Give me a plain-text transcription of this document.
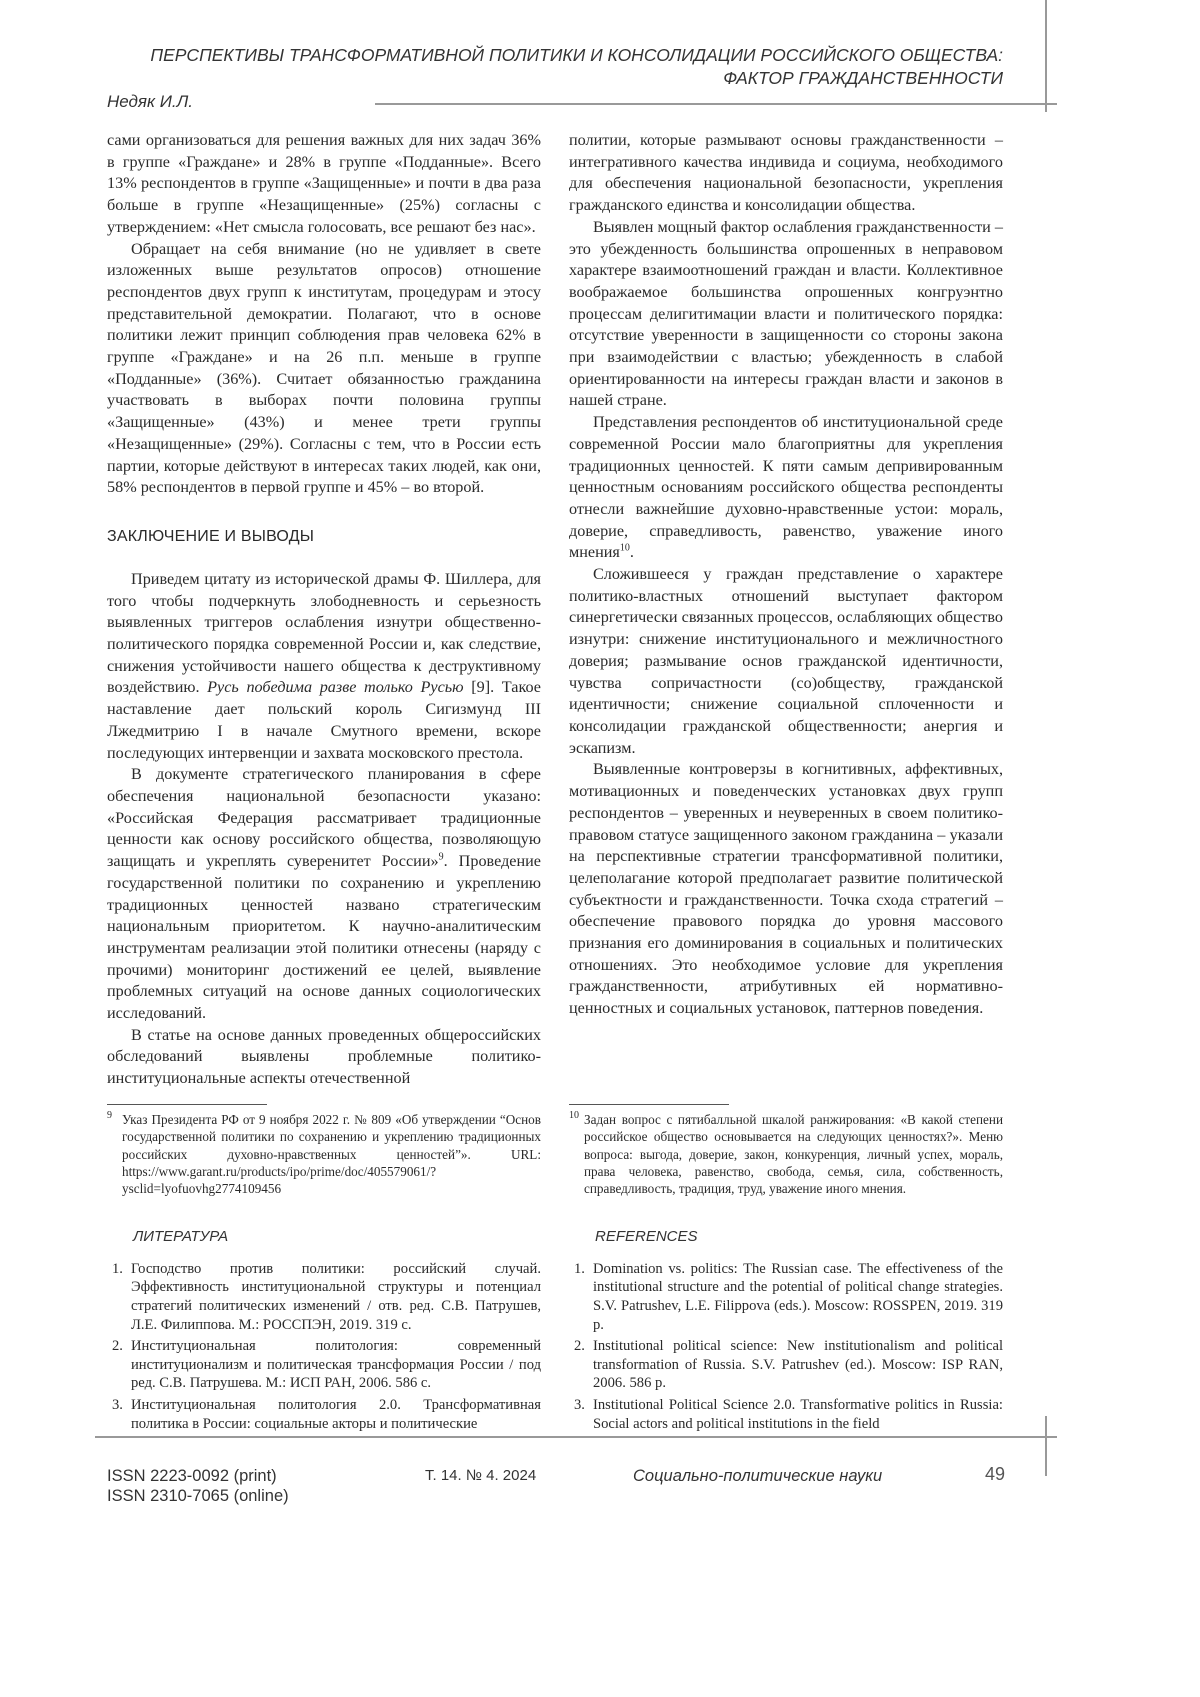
ПЕРСПЕКТИВЫ ТРАНСФОРМАТИВНОЙ ПОЛИТИКИ И КОНСОЛИДАЦИИ РОССИЙСКОГО ОБЩЕСТВА:
ФАКТОР ГРАЖДАНСТВЕННОСТИ
Недяк И.Л.

сами организоваться для решения важных для них задач 36% в группе «Граждане» и 28% в группе «Подданные». Всего 13% респондентов в группе «Защищенные» и почти в два раза больше в группе «Незащищенные» (25%) согласны с утверждением: «Нет смысла голосовать, все решают без нас».

Обращает на себя внимание (но не удивляет в свете изложенных выше результатов опросов) отношение респондентов двух групп к институтам, процедурам и этосу представительной демократии. Полагают, что в основе политики лежит принцип соблюдения прав человека 62% в группе «Граждане» и на 26 п.п. меньше в группе «Подданные» (36%). Считает обязанностью гражданина участвовать в выборах почти половина группы «Защищенные» (43%) и менее трети группы «Незащищенные» (29%). Согласны с тем, что в России есть партии, которые действуют в интересах таких людей, как они, 58% респондентов в первой группе и 45% – во второй.

ЗАКЛЮЧЕНИЕ И ВЫВОДЫ

Приведем цитату из исторической драмы Ф. Шиллера, для того чтобы подчеркнуть злободневность и серьезность выявленных триггеров ослабления изнутри общественно-политического порядка современной России и, как следствие, снижения устойчивости нашего общества к деструктивному воздействию. Русь победима разве только Русью [9]. Такое наставление дает польский король Сигизмунд III Лжедмитрию I в начале Смутного времени, вскоре последующих интервенции и захвата московского престола.

В документе стратегического планирования в сфере обеспечения национальной безопасности указано: «Российская Федерация рассматривает традиционные ценности как основу российского общества, позволяющую защищать и укреплять суверенитет России»9. Проведение государственной политики по сохранению и укреплению традиционных ценностей названо стратегическим национальным приоритетом. К научно-аналитическим инструментам реализации этой политики отнесены (наряду с прочими) мониторинг достижений ее целей, выявление проблемных ситуаций на основе данных социологических исследований.

В статье на основе данных проведенных общероссийских обследований выявлены проблемные политико-институциональные аспекты отечественной

9 Указ Президента РФ от 9 ноября 2022 г. № 809 «Об утверждении “Основ государственной политики по сохранению и укреплению традиционных российских духовно-нравственных ценностей”». URL: https://www.garant.ru/products/ipo/prime/doc/405579061/?ysclid=lyofuovhg2774109456

политии, которые размывают основы гражданственности – интегративного качества индивида и социума, необходимого для обеспечения национальной безопасности, укрепления гражданского единства и консолидации общества.

Выявлен мощный фактор ослабления гражданственности – это убежденность большинства опрошенных в неправовом характере взаимоотношений граждан и власти. Коллективное воображаемое большинства опрошенных конгруэнтно процессам делигитимации власти и политического порядка: отсутствие уверенности в защищенности со стороны закона при взаимодействии с властью; убежденность в слабой ориентированности на интересы граждан власти и законов в нашей стране.

Представления респондентов об институциональной среде современной России мало благоприятны для укрепления традиционных ценностей. К пяти самым депривированным ценностным основаниям российского общества респонденты отнесли важнейшие духовно-нравственные устои: мораль, доверие, справедливость, равенство, уважение иного мнения10.

Сложившееся у граждан представление о характере политико-властных отношений выступает фактором синергетически связанных процессов, ослабляющих общество изнутри: снижение институционального и межличностного доверия; размывание основ гражданской идентичности, чувства сопричастности (со)обществу, гражданской идентичности; снижение социальной сплоченности и консолидации гражданской общественности; анергия и эскапизм.

Выявленные контроверзы в когнитивных, аффективных, мотивационных и поведенческих установках двух групп респондентов – уверенных и неуверенных в своем политико-правовом статусе защищенного законом гражданина – указали на перспективные стратегии трансформативной политики, целеполагание которой предполагает развитие политической субъектности и гражданственности. Точка схода стратегий – обеспечение правового порядка до уровня массового признания его доминирования в социальных и политических отношениях. Это необходимое условие для укрепления гражданственности, атрибутивных ей нормативно-ценностных и социальных установок, паттернов поведения.

10 Задан вопрос с пятибалльной шкалой ранжирования: «В какой степени российское общество основывается на следующих ценностях?». Меню вопроса: выгода, доверие, закон, конкуренция, личный успех, мораль, права человека, равенство, свобода, семья, сила, собственность, справедливость, традиция, труд, уважение иного мнения.
ЛИТЕРАТУРА
1. Господство против политики: российский случай. Эффективность институциональной структуры и потенциал стратегий политических изменений / отв. ред. С.В. Патрушев, Л.Е. Филиппова. М.: РОССПЭН, 2019. 319 с.
2. Институциональная политология: современный институционализм и политическая трансформация России / под ред. С.В. Патрушева. М.: ИСП РАН, 2006. 586 с.
3. Институциональная политология 2.0. Трансформативная политика в России: социальные акторы и политические
REFERENCES
1. Domination vs. politics: The Russian case. The effectiveness of the institutional structure and the potential of political change strategies. S.V. Patrushev, L.E. Filippova (eds.). Moscow: ROSSPEN, 2019. 319 p.
2. Institutional political science: New institutionalism and political transformation of Russia. S.V. Patrushev (ed.). Moscow: ISP RAN, 2006. 586 p.
3. Institutional Political Science 2.0. Transformative politics in Russia: Social actors and political institutions in the field
ISSN 2223-0092 (print)
ISSN 2310-7065 (online)
Т. 14. № 4. 2024	Социально-политические науки	49
